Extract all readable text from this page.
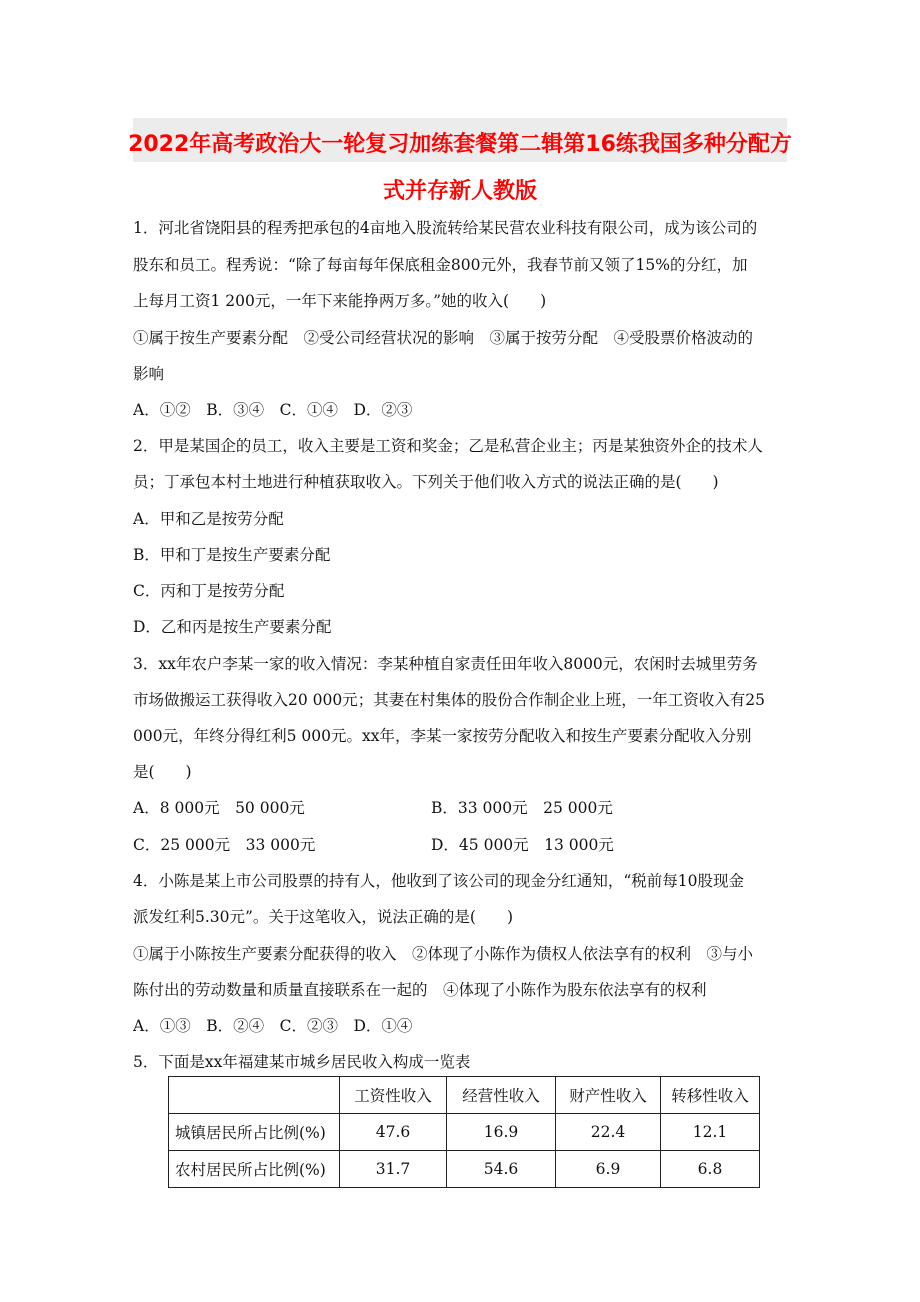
2022年高考政治大一轮复习加练套餐第二辑第16练我国多种分配方
式并存新人教版
1．河北省饶阳县的程秀把承包的4亩地入股流转给某民营农业科技有限公司，成为该公司的
股东和员工。程秀说：“除了每亩每年保底租金800元外，我春节前又领了15%的分红，加
上每月工资1 200元，一年下来能挣两万多。”她的收入(　　)
①属于按生产要素分配　②受公司经营状况的影响　③属于按劳分配　④受股票价格波动的
影响
A．①②　B．③④　C．①④　D．②③
2．甲是某国企的员工，收入主要是工资和奖金；乙是私营企业主；丙是某独资外企的技术人
员；丁承包本村土地进行种植获取收入。下列关于他们收入方式的说法正确的是(　　)
A．甲和乙是按劳分配
B．甲和丁是按生产要素分配
C．丙和丁是按劳分配
D．乙和丙是按生产要素分配
3．xx年农户李某一家的收入情况：李某种植自家责任田年收入8000元，农闲时去城里劳务
市场做搬运工获得收入20 000元；其妻在村集体的股份合作制企业上班，一年工资收入有25
000元，年终分得红利5 000元。xx年，李某一家按劳分配收入和按生产要素分配收入分别
是(　　)
A．8 000元　50 000元	B．33 000元　25 000元
C．25 000元　33 000元	D．45 000元　13 000元
4．小陈是某上市公司股票的持有人，他收到了该公司的现金分红通知，“税前每10股现金
派发红利5.30元”。关于这笔收入，说法正确的是(　　)
①属于小陈按生产要素分配获得的收入　②体现了小陈作为债权人依法享有的权利　③与小
陈付出的劳动数量和质量直接联系在一起的　④体现了小陈作为股东依法享有的权利
A．①③　B．②④　C．②③　D．①④
5．下面是xx年福建某市城乡居民收入构成一览表
	工资性收入	经营性收入	财产性收入	转移性收入
城镇居民所占比例(%)	47.6	16.9	22.4	12.1
农村居民所占比例(%)	31.7	54.6	6.9	6.8
